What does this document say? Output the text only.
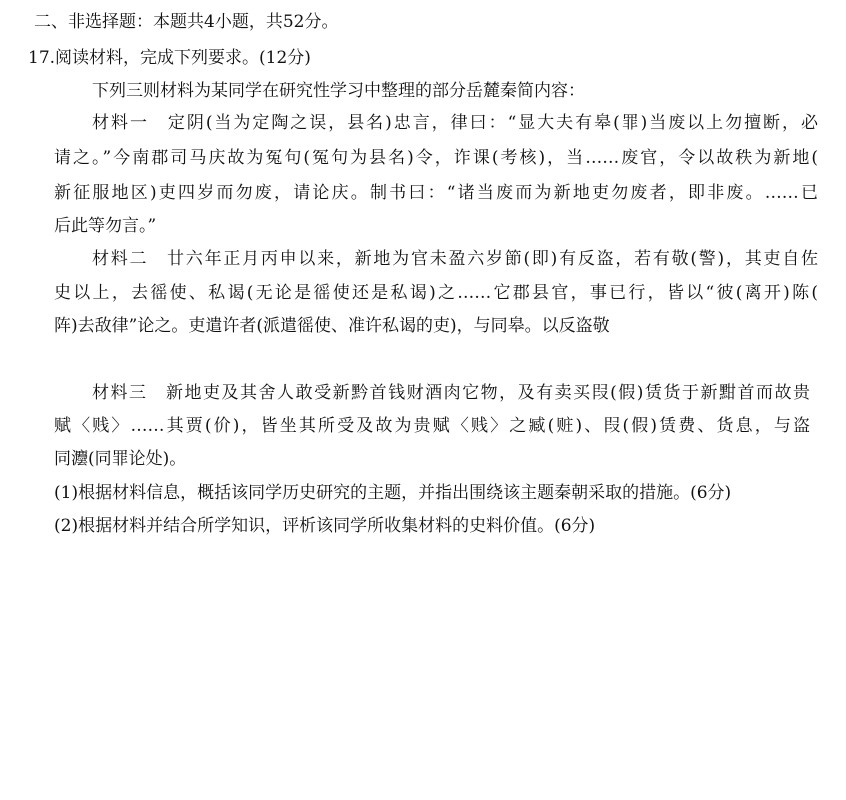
二、非选择题：本题共4小题，共52分。
17.阅读材料，完成下列要求。(12分)
下列三则材料为某同学在研究性学习中整理的部分岳麓秦简内容：
材料一　定阴(当为定陶之误，县名)忠言，律曰：“显大夫有皋(罪)当废以上勿擅断，必
请之。”今南郡司马庆故为冤句(冤句为县名)令，诈课(考核)，当……废官，令以故秩为新地(
新征服地区)吏四岁而勿废，请论庆。制书曰：“诸当废而为新地吏勿废者，即非废。……已
后此等勿言。”
材料二　廿六年正月丙申以来，新地为官未盈六岁節(即)有反盗，若有敬(警)，其吏自佐
史以上，去徭使、私谒(无论是徭使还是私谒)之……它郡县官，事已行，皆以“彼(离开)陈(
阵)去敌律”论之。吏遣许者(派遣徭使、准许私谒的吏)，与同皋。以反盗敬
材料三　新地吏及其舍人敢受新黔首钱财酒肉它物，及有卖买叚(假)赁货于新黚首而故贵
赋〈贱〉……其贾(价)，皆坐其所受及故为贵赋〈贱〉之臧(赃)、叚(假)赁费、货息，与盗
同灋(同罪论处)。
(1)根据材料信息，概括该同学历史研究的主题，并指出围绕该主题秦朝采取的措施。(6分)
(2)根据材料并结合所学知识，评析该同学所收集材料的史料价值。(6分)
